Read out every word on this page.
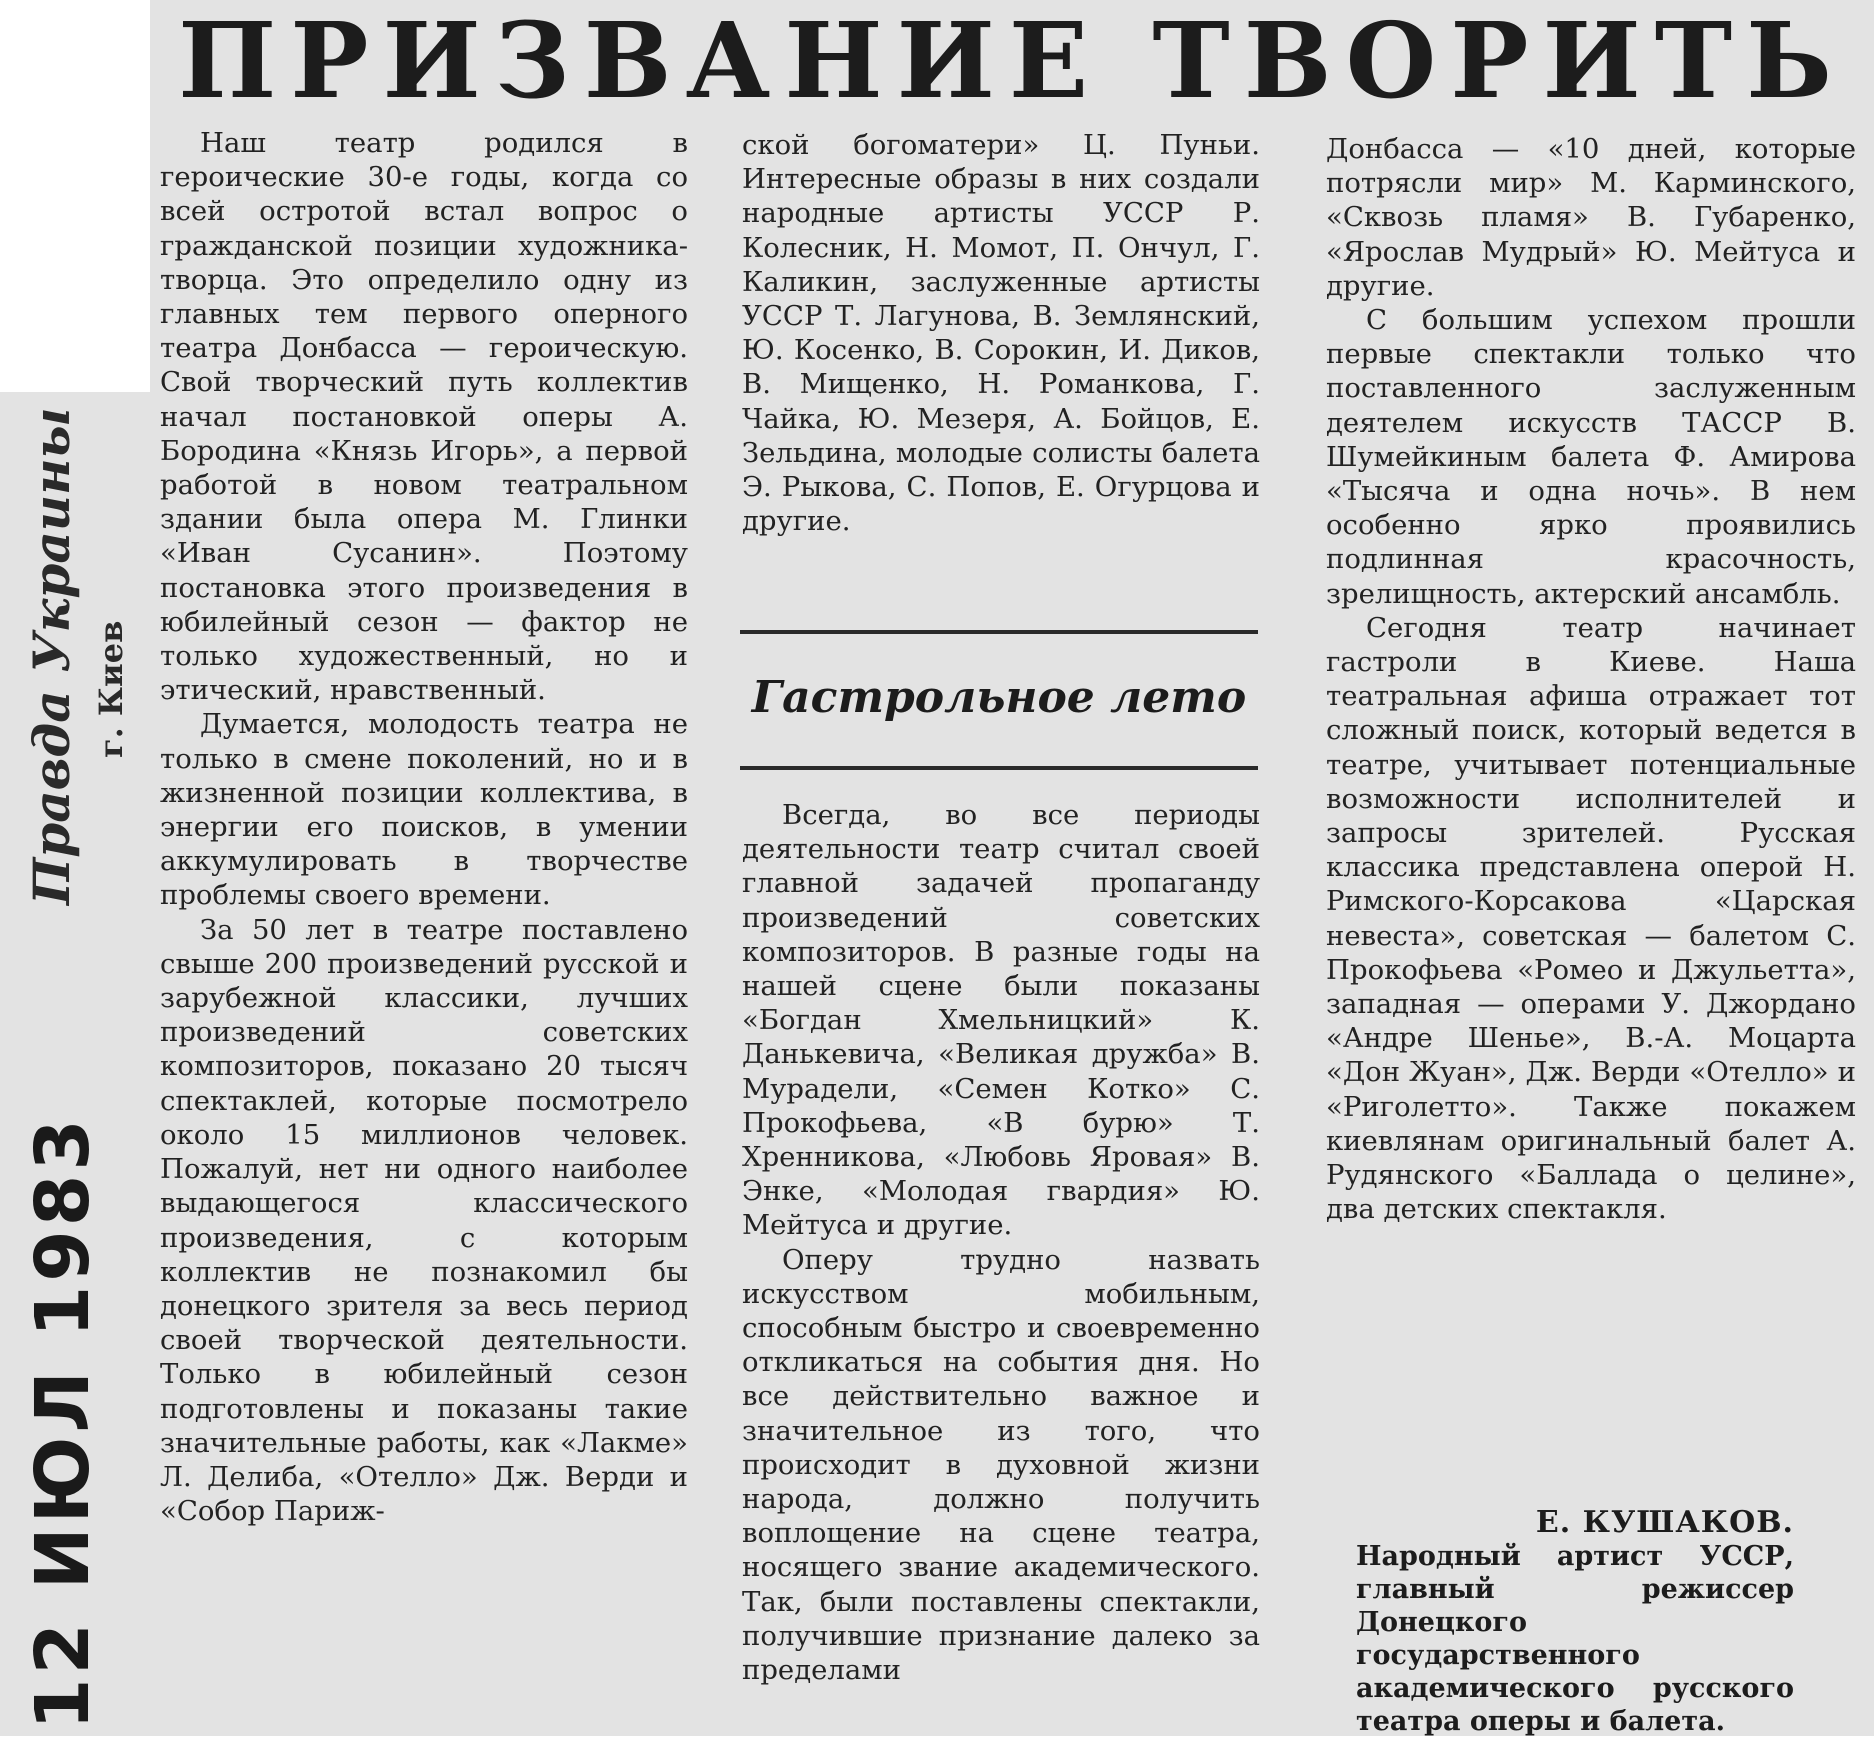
Правда Украины г. Киев
12 ИЮЛ 1983
ПРИЗВАНИЕ ТВОРИТЬ

Наш театр родился в героические 30-е годы, когда со всей остротой встал вопрос о гражданской позиции художника-творца. Это определило одну из главных тем первого оперного театра Донбасса — героическую. Свой творческий путь коллектив начал постановкой оперы А. Бородина «Князь Игорь», а первой работой в новом театральном здании была опера М. Глинки «Иван Сусанин». Поэтому постановка этого произведения в юбилейный сезон — фактор не только художественный, но и этический, нравственный.

Думается, молодость театра не только в смене поколений, но и в жизненной позиции коллектива, в энергии его поисков, в умении аккумулировать в творчестве проблемы своего времени.

За 50 лет в театре поставлено свыше 200 произведений русской и зарубежной классики, лучших произведений советских композиторов, показано 20 тысяч спектаклей, которые посмотрело около 15 миллионов человек. Пожалуй, нет ни одного наиболее выдающегося классического произведения, с которым коллектив не познакомил бы донецкого зрителя за весь период своей творческой деятельности. Только в юбилейный сезон подготовлены и показаны такие значительные работы, как «Лакме» Л. Делиба, «Отелло» Дж. Верди и «Собор Париж-

ской богоматери» Ц. Пуньи. Интересные образы в них создали народные артисты УССР Р. Колесник, Н. Момот, П. Ончул, Г. Каликин, заслуженные артисты УССР Т. Лагунова, В. Землянский, Ю. Косенко, В. Сорокин, И. Диков, В. Мищенко, Н. Романкова, Г. Чайка, Ю. Мезеря, А. Бойцов, Е. Зельдина, молодые солисты балета Э. Рыкова, С. Попов, Е. Огурцова и другие.

Гастрольное лето

Всегда, во все периоды деятельности театр считал своей главной задачей пропаганду произведений советских композиторов. В разные годы на нашей сцене были показаны «Богдан Хмельницкий» К. Данькевича, «Великая дружба» В. Мурадели, «Семен Котко» С. Прокофьева, «В бурю» Т. Хренникова, «Любовь Яровая» В. Энке, «Молодая гвардия» Ю. Мейтуса и другие.

Оперу трудно назвать искусством мобильным, способным быстро и своевременно откликаться на события дня. Но все действительно важное и значительное из того, что происходит в духовной жизни народа, должно получить воплощение на сцене театра, носящего звание академического. Так, были поставлены спектакли, получившие признание далеко за пределами

Донбасса — «10 дней, которые потрясли мир» М. Карминского, «Сквозь пламя» В. Губаренко, «Ярослав Мудрый» Ю. Мейтуса и другие.

С большим успехом прошли первые спектакли только что поставленного заслуженным деятелем искусств ТАССР В. Шумейкиным балета Ф. Амирова «Тысяча и одна ночь». В нем особенно ярко проявились подлинная красочность, зрелищность, актерский ансамбль.

Сегодня театр начинает гастроли в Киеве. Наша театральная афиша отражает тот сложный поиск, который ведется в театре, учитывает потенциальные возможности исполнителей и запросы зрителей. Русская классика представлена оперой Н. Римского-Корсакова «Царская невеста», советская — балетом С. Прокофьева «Ромео и Джульетта», западная — операми У. Джордано «Андре Шенье», В.-А. Моцарта «Дон Жуан», Дж. Верди «Отелло» и «Риголетто». Также покажем киевлянам оригинальный балет А. Рудянского «Баллада о целине», два детских спектакля.

Е. КУШАКОВ.
Народный артист УССР, главный режиссер Донецкого государственного академического русского театра оперы и балета.
